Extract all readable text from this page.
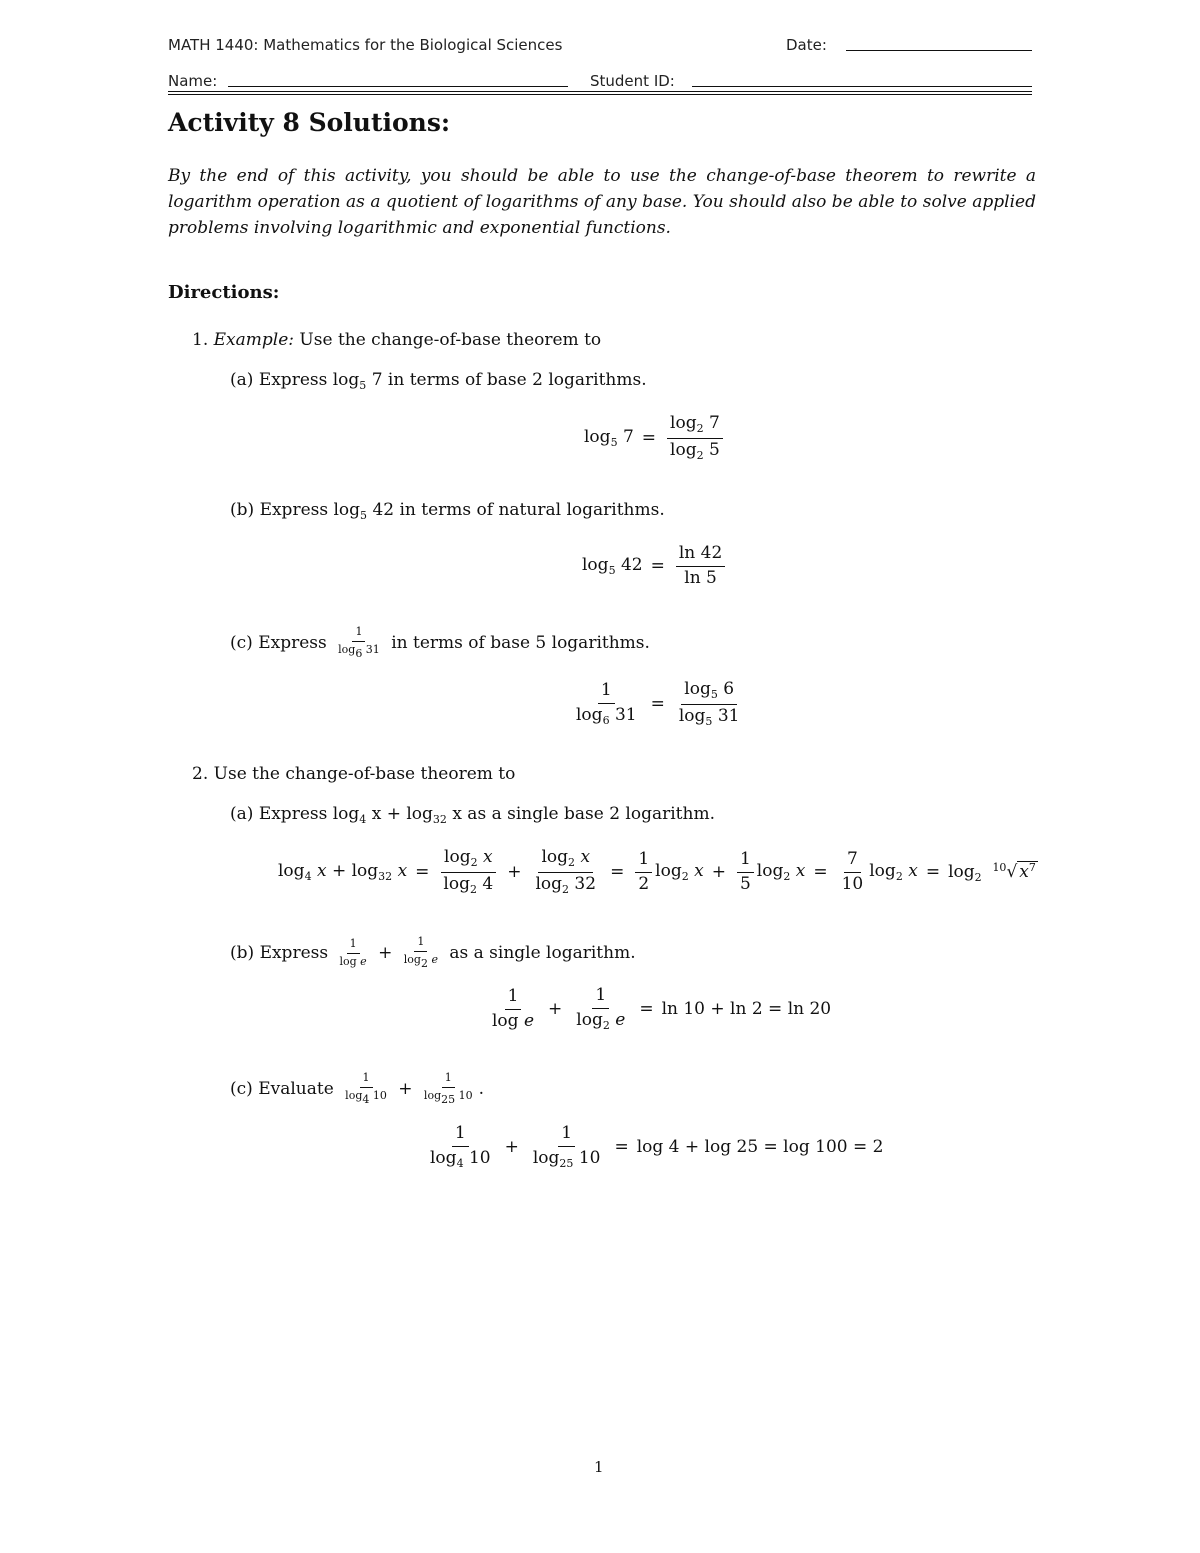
MATH 1440: Mathematics for the Biological Sciences	Date:
Name:	Student ID:
Activity 8 Solutions:
By the end of this activity, you should be able to use the change-of-base theorem to rewrite a logarithm operation as a quotient of logarithms of any base. You should also be able to solve applied problems involving logarithmic and exponential functions.
Directions:
1. Example: Use the change-of-base theorem to
(a) Express $\log_5 7$ in terms of base 2 logarithms.
$\log_5 7 = \frac{\log_2 7}{\log_2 5}$
(b) Express $\log_5 42$ in terms of natural logarithms.
$\log_5 42 = \frac{\ln 42}{\ln 5}$
(c)
Express
$\frac{1}{\log_6 31}$
in terms of base 5 logarithms.
$\frac{1}{\log_6 31} = \frac{\log_5 6}{\log_5 31}$
2. Use the change-of-base theorem to
(a) Express $\log_4 x + \log_{32} x$ as a single base 2 logarithm.
$\log_4 x + \log_{32} x = \frac{\log_2 x}{\log_2 4} + \frac{\log_2 x}{\log_2 32} = \frac{1}{2} \log_2 x + \frac{1}{5} \log_2 x = \frac{7}{10} \log_2 x = \log_2 ^{10}√$ $x^7$
(b)
Express
$\frac{1}{\text{log e}} + \frac{1}{\log_2 e}$
as a single logarithm.
$\frac{1}{\text{log e}} + \frac{1}{\log_2 e} = \ln 10 + \ln 2 = \ln 20$
(c)
Evaluate
$\frac{1}{\log_4 10} + \frac{1}{\log_{25} 10}$ .
$\frac{1}{\log_4 10} + \frac{1}{\log_{25} 10} = \log 4 + \log 25 = \log 100 = 2$
1
